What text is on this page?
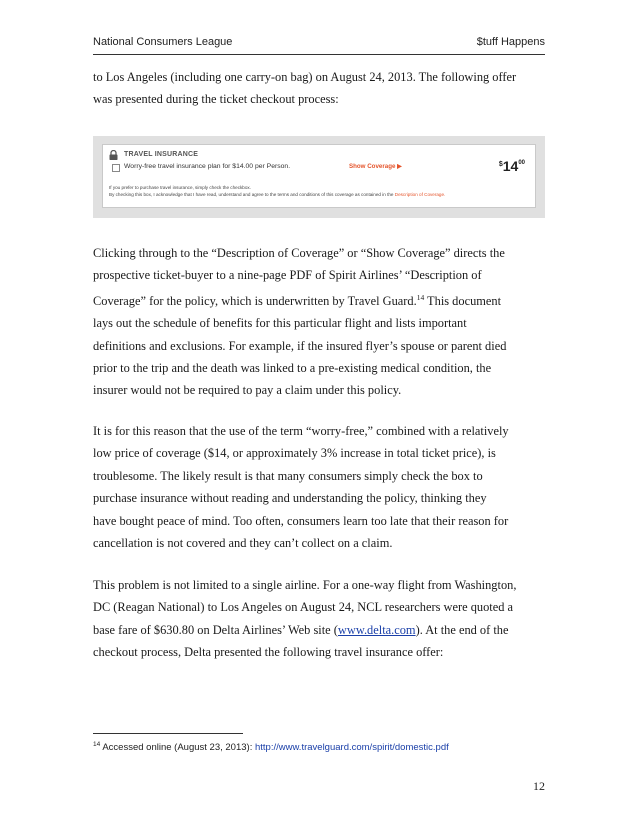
National Consumers League	$tuff Happens

to Los Angeles (including one carry-on bag) on August 24, 2013. The following offer
was presented during the ticket checkout process:

TRAVEL INSURANCE
Worry-free travel insurance plan for $14.00 per Person.	Show Coverage ▶	$^{\$}14^{00}$
If you prefer to purchase travel insurance, simply check the checkbox.
By checking this box, I acknowledge that I have read, understand and agree to the terms and conditions of this coverage as contained in the Description of Coverage.

Clicking through to the “Description of Coverage” or “Show Coverage” directs the
prospective ticket-buyer to a nine-page PDF of Spirit Airlines’ “Description of
Coverage” for the policy, which is underwritten by Travel Guard.$^{14}$ This document
lays out the schedule of benefits for this particular flight and lists important
definitions and exclusions. For example, if the insured flyer’s spouse or parent died
prior to the trip and the death was linked to a pre-existing medical condition, the
insurer would not be required to pay a claim under this policy.

It is for this reason that the use of the term “worry-free,” combined with a relatively
low price of coverage ($14, or approximately 3% increase in total ticket price), is
troublesome. The likely result is that many consumers simply check the box to
purchase insurance without reading and understanding the policy, thinking they
have bought peace of mind. Too often, consumers learn too late that their reason for
cancellation is not covered and they can’t collect on a claim.

This problem is not limited to a single airline. For a one-way flight from Washington,
DC (Reagan National) to Los Angeles on August 24, NCL researchers were quoted a
base fare of $630.80 on Delta Airlines’ Web site (www.delta.com). At the end of the
checkout process, Delta presented the following travel insurance offer:

$^{14}$ Accessed online (August 23, 2013): http://www.travelguard.com/spirit/domestic.pdf
12
